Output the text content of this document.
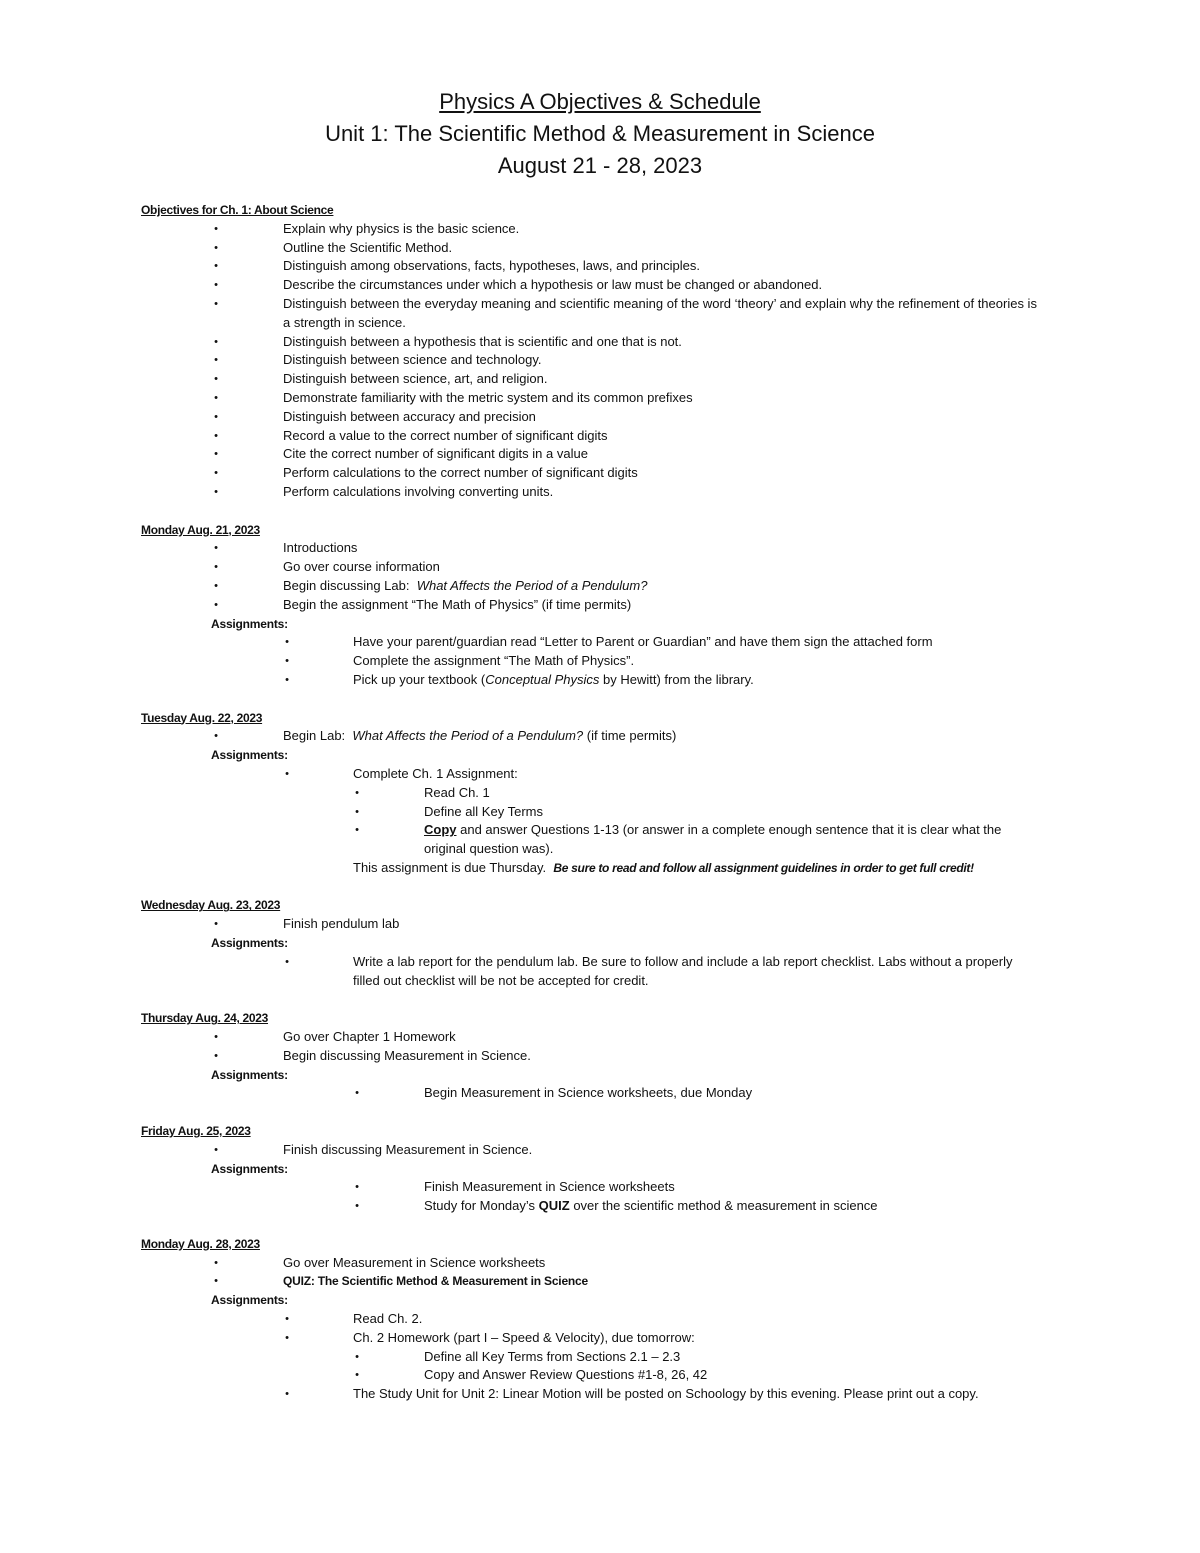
Physics A Objectives & Schedule
Unit 1: The Scientific Method & Measurement in Science
August 21 - 28, 2023
Objectives for Ch. 1: About Science
•	Explain why physics is the basic science.
•	Outline the Scientific Method.
•	Distinguish among observations, facts, hypotheses, laws, and principles.
•	Describe the circumstances under which a hypothesis or law must be changed or abandoned.
•	Distinguish between the everyday meaning and scientific meaning of the word ‘theory’ and explain why the refinement of theories is a strength in science.
•	Distinguish between a hypothesis that is scientific and one that is not.
•	Distinguish between science and technology.
•	Distinguish between science, art, and religion.
•	Demonstrate familiarity with the metric system and its common prefixes
•	Distinguish between accuracy and precision
•	Record a value to the correct number of significant digits
•	Cite the correct number of significant digits in a value
•	Perform calculations to the correct number of significant digits
•	Perform calculations involving converting units.
Monday Aug. 21, 2023
•	Introductions
•	Go over course information
•	Begin discussing Lab:  What Affects the Period of a Pendulum?
•	Begin the assignment “The Math of Physics” (if time permits)
Assignments:
•	Have your parent/guardian read “Letter to Parent or Guardian” and have them sign the attached form
•	Complete the assignment “The Math of Physics”.
•	Pick up your textbook (Conceptual Physics by Hewitt) from the library.
Tuesday Aug. 22, 2023
•	Begin Lab:  What Affects the Period of a Pendulum? (if time permits)
Assignments:
•	Complete Ch. 1 Assignment:
•	Read Ch. 1
•	Define all Key Terms
•	Copy and answer Questions 1-13 (or answer in a complete enough sentence that it is clear what the original question was).
This assignment is due Thursday.  Be sure to read and follow all assignment guidelines in order to get full credit!
Wednesday Aug. 23, 2023
•	Finish pendulum lab
Assignments:
•	Write a lab report for the pendulum lab. Be sure to follow and include a lab report checklist. Labs without a properly filled out checklist will be not be accepted for credit.
Thursday Aug. 24, 2023
•	Go over Chapter 1 Homework
•	Begin discussing Measurement in Science.
Assignments:
•	Begin Measurement in Science worksheets, due Monday
Friday Aug. 25, 2023
•	Finish discussing Measurement in Science.
Assignments:
•	Finish Measurement in Science worksheets
•	Study for Monday’s QUIZ over the scientific method & measurement in science
Monday Aug. 28, 2023
•	Go over Measurement in Science worksheets
•	QUIZ: The Scientific Method & Measurement in Science
Assignments:
•	Read Ch. 2.
•	Ch. 2 Homework (part I – Speed & Velocity), due tomorrow:
•	Define all Key Terms from Sections 2.1 – 2.3
•	Copy and Answer Review Questions #1-8, 26, 42
•	The Study Unit for Unit 2: Linear Motion will be posted on Schoology by this evening. Please print out a copy.
